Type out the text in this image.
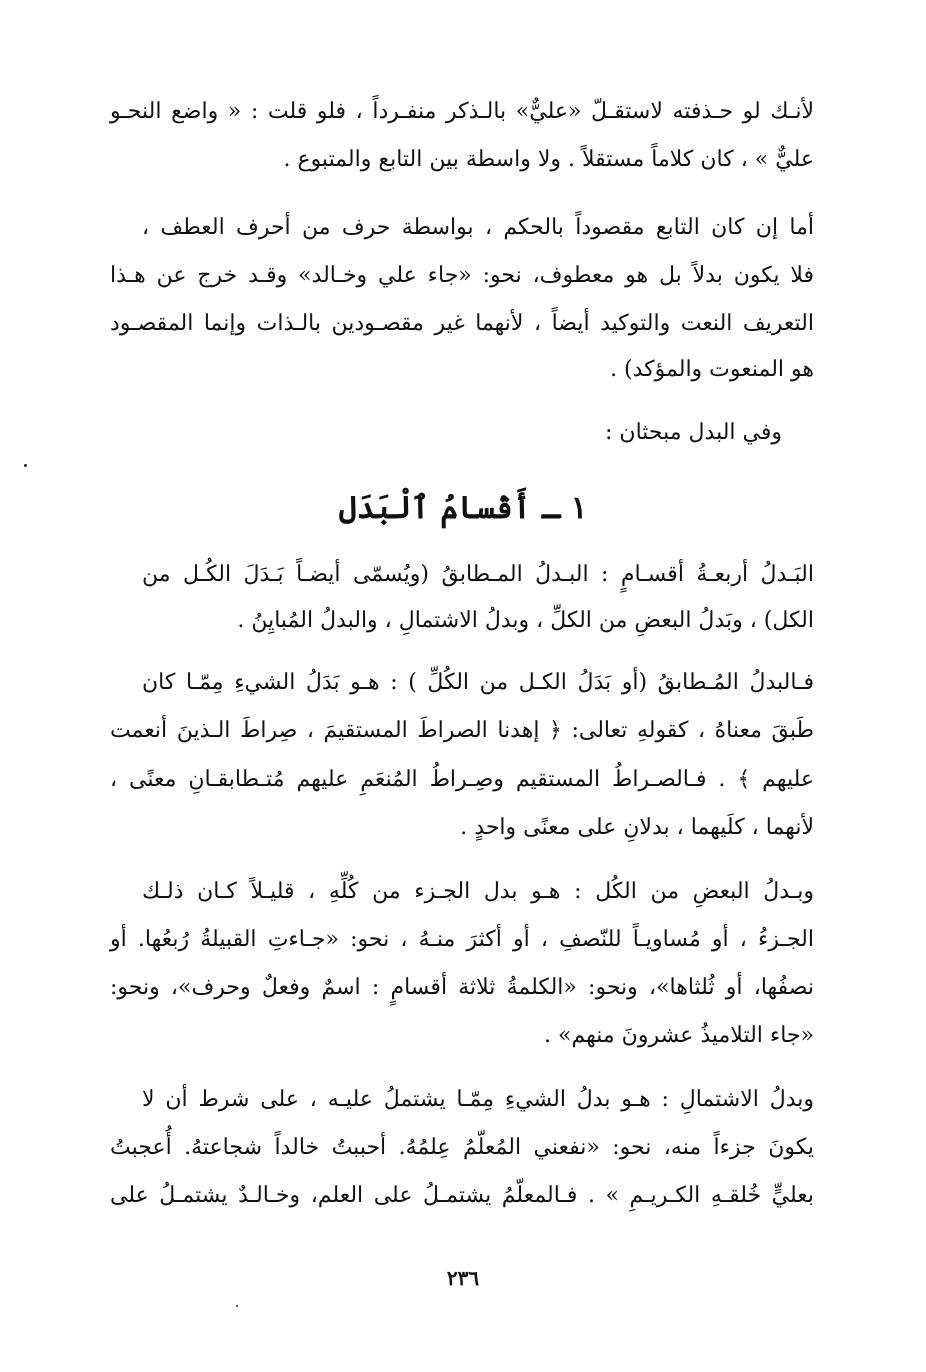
لأنـك لو حـذفته لاستقـلّ «عليٌّ» بالـذكر منفـرداً ، فلو قلت : « واضع النحـو
عليٌّ » ، كان كلاماً مستقلاً . ولا واسطة بين التابع والمتبوع .
أما إن كان التابع مقصوداً بالحكم ، بواسطة حرف من أحرف العطف ،
فلا يكون بدلاً بل هو معطوف، نحو: «جاء علي وخـالد» وقـد خرج عن هـذا
التعريف النعت والتوكيد أيضاً ، لأنهما غير مقصـودين بالـذات وإنما المقصـود
هو المنعوت والمؤكد) .
وفي البدل مبحثان :
١ ـ أَقْسامُ ٱلْبَدَل
البَـدلُ أربعـةُ أقسـامٍ : البـدلُ المـطابقُ (ويُسمّى أيضـاً بَـدَلَ الكُـل من
الكل) ، وبَدلُ البعضِ من الكلِّ ، وبدلُ الاشتمالِ ، والبدلُ المُبايِنُ .
فـالبدلُ المُـطابقُ (أو بَدَلُ الكـل من الكُلِّ ) : هـو بَدَلُ الشيءِ مِمّـا كان
طَبقَ معناهُ ، كقولهِ تعالى: ﴿ إهدنا الصراطَ المستقيمَ ، صِراطَ الـذينَ أنعمت
عليهم ﴾ . فـالصـراطُ المستقيم وصِـراطُ المُنعَمِ عليهم مُتـطابقـانِ معنًى ،
لأنهما ، كلَيهما ، بدلانِ على معنًى واحدٍ .
وبـدلُ البعضِ من الكُل : هـو بدل الجـزء من كُلِّهِ ، قليـلاً كـان ذلـك
الجـزءُ ، أو مُساويـاً للنّصفِ ، أو أكثرَ منـهُ ، نحو: «جـاءتِ القبيلةُ رُبعُها. أو
نصفُها، أو ثُلثاها»، ونحو: «الكلمةُ ثلاثة أقسامٍ : اسمٌ وفعلٌ وحرف»، ونحو:
«جاء التلاميذُ عشرونَ منهم» .
وبدلُ الاشتمالِ : هـو بدلُ الشيءِ مِمّـا يشتملُ عليـه ، على شرط أن لا
يكونَ جزءاً منه، نحو: «نفعني المُعلّمُ عِلمُهُ. أحببتُ خالداً شجاعتهُ. أُعجبتُ
بعليٍّ خُلقـهِ الكـريـمِ » . فـالمعلّمُ يشتمـلُ على العلم، وخـالـدٌ يشتمـلُ على
٢٣٦
